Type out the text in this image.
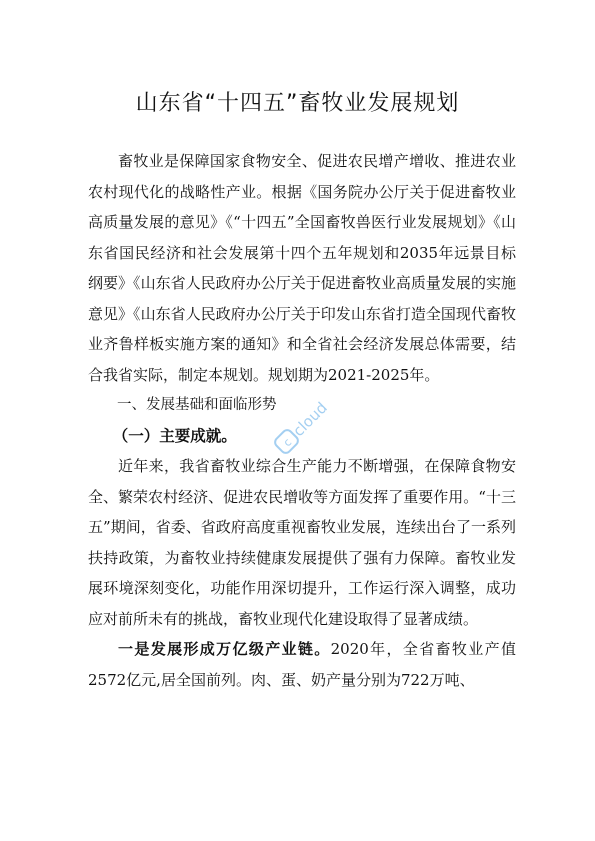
山东省“十四五”畜牧业发展规划

畜牧业是保障国家食物安全、促进农民增产增收、推进农业农村现代化的战略性产业。根据《国务院办公厅关于促进畜牧业高质量发展的意见》《“十四五”全国畜牧兽医行业发展规划》《山东省国民经济和社会发展第十四个五年规划和2035年远景目标纲要》《山东省人民政府办公厅关于促进畜牧业高质量发展的实施意见》《山东省人民政府办公厅关于印发山东省打造全国现代畜牧业齐鲁样板实施方案的通知》和全省社会经济发展总体需要，结合我省实际，制定本规划。规划期为2021-2025年。

一、发展基础和面临形势

（一）主要成就。

近年来，我省畜牧业综合生产能力不断增强，在保障食物安全、繁荣农村经济、促进农民增收等方面发挥了重要作用。“十三五”期间，省委、省政府高度重视畜牧业发展，连续出台了一系列扶持政策，为畜牧业持续健康发展提供了强有力保障。畜牧业发展环境深刻变化，功能作用深切提升，工作运行深入调整，成功应对前所未有的挑战，畜牧业现代化建设取得了显著成绩。

一是发展形成万亿级产业链。2020年，全省畜牧业产值2572亿元,居全国前列。肉、蛋、奶产量分别为722万吨、

c
cloud
